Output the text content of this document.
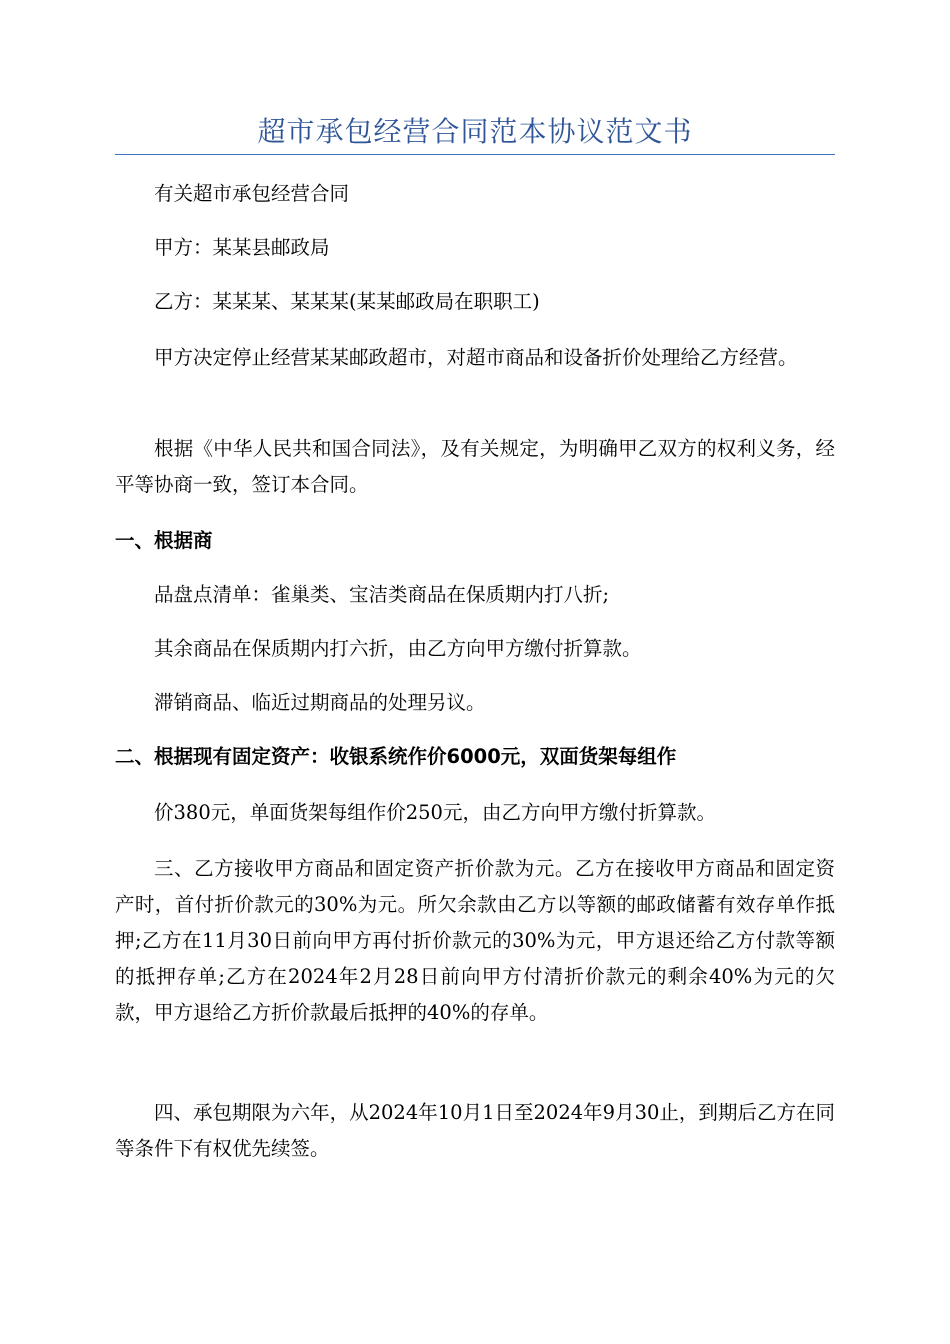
超市承包经营合同范本协议范文书

有关超市承包经营合同

甲方：某某县邮政局

乙方：某某某、某某某(某某邮政局在职职工)

甲方决定停止经营某某邮政超市，对超市商品和设备折价处理给乙方经营。

根据《中华人民共和国合同法》，及有关规定，为明确甲乙双方的权利义务，经平等协商一致，签订本合同。

一、根据商

品盘点清单：雀巢类、宝洁类商品在保质期内打八折;

其余商品在保质期内打六折，由乙方向甲方缴付折算款。

滞销商品、临近过期商品的处理另议。

二、根据现有固定资产：收银系统作价6000元，双面货架每组作

价380元，单面货架每组作价250元，由乙方向甲方缴付折算款。

三、乙方接收甲方商品和固定资产折价款为元。乙方在接收甲方商品和固定资产时，首付折价款元的30%为元。所欠余款由乙方以等额的邮政储蓄有效存单作抵押;乙方在11月30日前向甲方再付折价款元的30%为元，甲方退还给乙方付款等额的抵押存单;乙方在2024年2月28日前向甲方付清折价款元的剩余40%为元的欠款，甲方退给乙方折价款最后抵押的40%的存单。

四、承包期限为六年，从2024年10月1日至2024年9月30止，到期后乙方在同等条件下有权优先续签。
